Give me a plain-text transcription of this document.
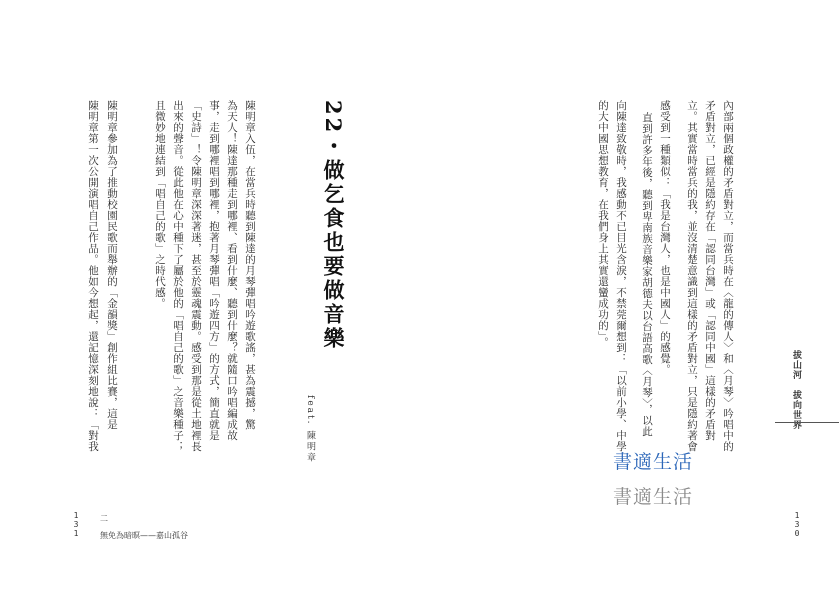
陳明章第一次公開演唱自己作品。他如今想起，還記憶深刻地說：「對我 陳明章參加為了推動校園民歌而舉辦的「金韻獎」創作組比賽，這是	且微妙地連結到「唱自己的歌」之時代感。 出來的聲音。從此他在心中種下了屬於他的「唱自己的歌」之音樂種子； 「史詩」！令陳明章深深著迷，甚至於靈魂震動。感受到那是從土地裡長 事，走到哪裡唱到哪裡，抱著月琴彈唱「吟遊四方」的方式，簡直就是 為天人！陳達那種走到哪裡、看到什麼、聽到什麼？就隨口吟唱編成故 陳明章入伍，在當兵時聽到陳達的月琴彈唱吟遊歌謠，甚為震撼，驚	feat. 陳明章
22・做乞食也要做音樂
二
無免為暗暝——嘉山孤谷
1
3
1
的大中國思想教育，在我們身上其實還蠻成功的」。 向陳達致敬時，我感動不已目光含淚，不禁莞爾想到：「以前小學、中學 直到許多年後，聽到卑南族音樂家胡德夫以台語高歌〈月琴〉，以此 感受到一種類似：「我是台灣人，也是中國人」的感覺。 立。其實當時當兵的我，並沒清楚意識到這樣的矛盾對立，只是隱約著會 矛盾對立，已經是隱約存在「認同台灣」或「認同中國」這樣的矛盾對 內部兩個政權的矛盾對立，而當兵時在〈龍的傳人〉和〈月琴〉吟唱中的	拔山河　拔向世界
1
3
0
書適生活
書適生活
